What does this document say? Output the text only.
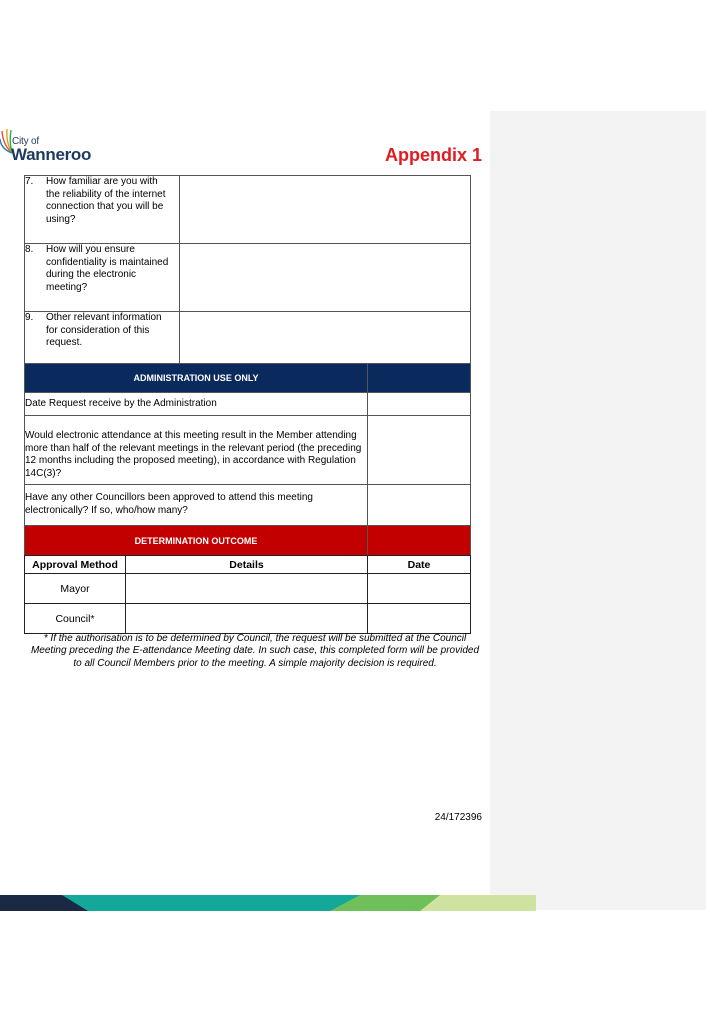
City of
Wanneroo	Appendix 1
7. How familiar are you with the reliability of the internet connection that you will be using?		
8. How will you ensure confidentiality is maintained during the electronic meeting?		
9. Other relevant information for consideration of this request.		
ADMINISTRATION USE ONLY		
Date Request receive by the Administration		
Would electronic attendance at this meeting result in the Member attending more than half of the relevant meetings in the relevant period (the preceding 12 months including the proposed meeting), in accordance with Regulation 14C(3)?		
Have any other Councillors been approved to attend this meeting electronically? If so, who/how many?		
DETERMINATION OUTCOME		
Approval Method	Details	Date
Mayor		
Council*		
* If the authorisation is to be determined by Council, the request will be submitted at the Council Meeting preceding the E-attendance Meeting date. In such case, this completed form will be provided to all Council Members prior to the meeting. A simple majority decision is required.
24/172396
